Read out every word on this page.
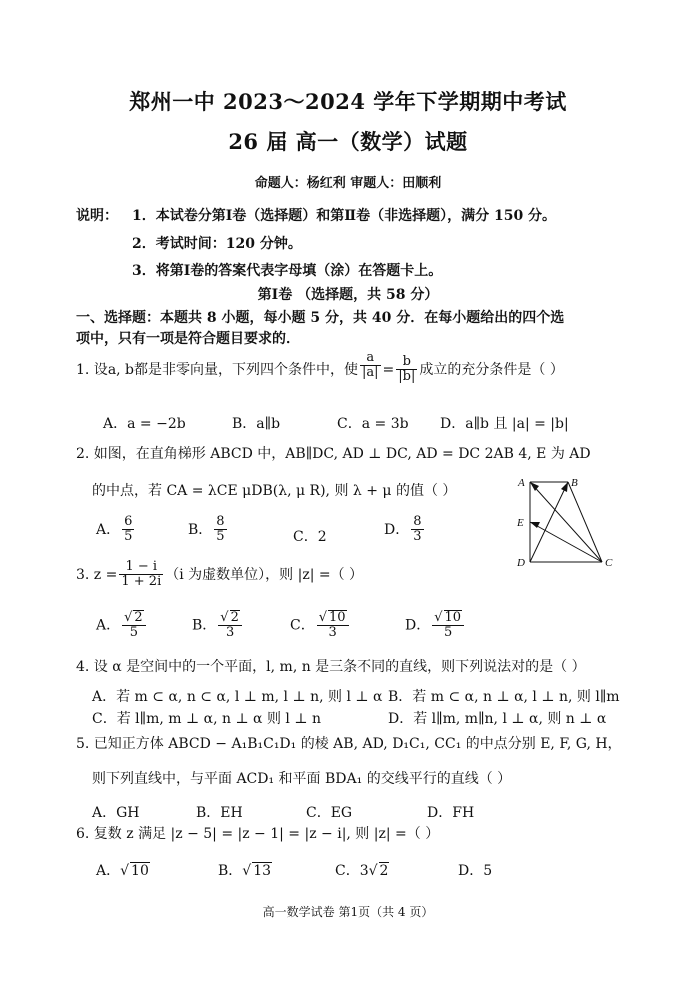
郑州一中 2023～2024 学年下学期期中考试
26 届 高一（数学）试题
命题人：杨红利 审题人：田顺利
说明： 1．本试卷分第Ⅰ卷（选择题）和第Ⅱ卷（非选择题），满分 150 分。
2．考试时间：120 分钟。
3．将第Ⅰ卷的答案代表字母填（涂）在答题卡上。
第Ⅰ卷 （选择题，共 58 分）
一、选择题：本题共 8 小题，每小题 5 分，共 40 分．在每小题给出的四个选
项中，只有一项是符合题目要求的．
1. 设a, b都是非零向量，下列四个条件中，使 $\frac{a}{|a|} = \frac{b}{|b|}$ 成立的充分条件是（ ）
A．a = −2b	B．a∥b	C．a = 3b D．a∥b 且 |a| = |b|
2. 如图，在直角梯形 ABCD 中，AB∥DC, AD ⊥ DC, AD = DC 2AB 4, E 为 AD
的中点，若 CA = λCE μDB(λ, μ R), 则 λ + μ 的值（ ）
A． $\frac{6}{5}$	B． $\frac{8}{5}$	C．2	D． $\frac{8}{3}$
A	B
C
D
E
3. $z = \frac{1 - i}{1 + 2i} (i$ 为虚数单位），则 |z| =（ ）
A． √ $\frac{2}{5}$	B． √ $\frac{2}{3}$	C． √ $\frac{10}{3}$	D． √ $\frac{10}{5}$
4. 设 α 是空间中的一个平面，l, m, n 是三条不同的直线，则下列说法对的是（ ）
A．若 m ⊂ α, n ⊂ α, l ⊥ m, l ⊥ n, 则 l ⊥ α B．若 m ⊂ α, n ⊥ α, l ⊥ n, 则 l∥m
C．若 l∥m, m ⊥ α, n ⊥ α 则 l ⊥ n	D．若 l∥m, m∥n, l ⊥ α, 则 n ⊥ α
5. 已知正方体 ABCD − A₁B₁C₁D₁ 的棱 AB, AD, D₁C₁, CC₁ 的中点分别 E, F, G, H，
则下列直线中，与平面 ACD₁ 和平面 BDA₁ 的交线平行的直线（ ）
A．GH	B．EH	C．EG	D．FH
6. 复数 z 满足 |z − 5| = |z − 1| = |z − i|, 则 |z| =（ ）
A． √ 10	B． √ 13	C．3 √ 2	D．5
高一数学试卷 第1页（共 4 页）
